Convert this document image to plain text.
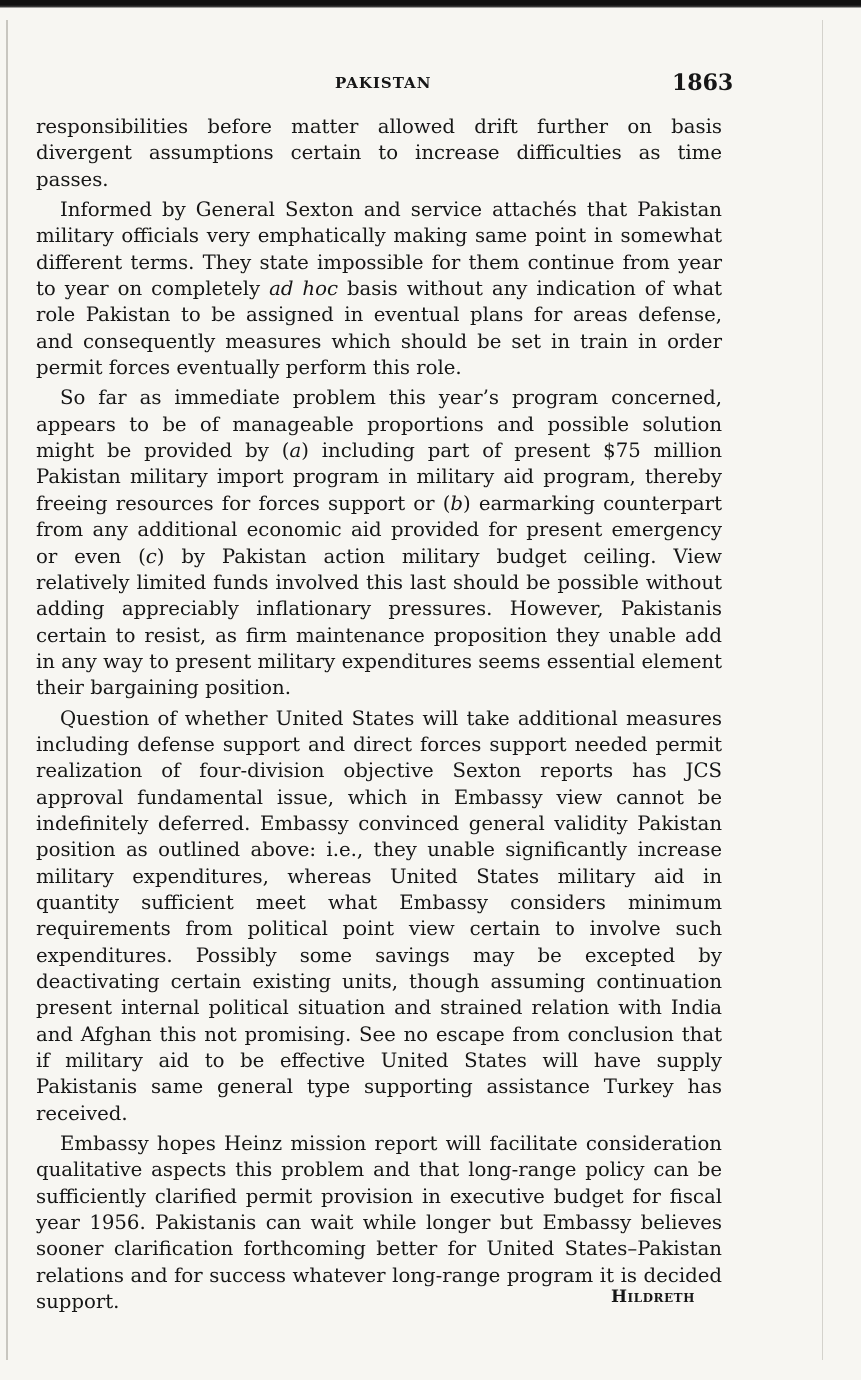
PAKISTAN	1863

responsibilities before matter allowed drift further on basis divergent assumptions certain to increase difficulties as time passes.

Informed by General Sexton and service attachés that Pakistan military officials very emphatically making same point in somewhat different terms. They state impossible for them continue from year to year on completely ad hoc basis without any indication of what role Pakistan to be assigned in eventual plans for areas defense, and consequently measures which should be set in train in order permit forces eventually perform this role.

So far as immediate problem this year’s program concerned, appears to be of manageable proportions and possible solution might be provided by (a) including part of present $75 million Pakistan military import program in military aid program, thereby freeing resources for forces support or (b) earmarking counterpart from any additional economic aid provided for present emergency or even (c) by Pakistan action military budget ceiling. View relatively limited funds involved this last should be possible without adding appreciably inflationary pressures. However, Pakistanis certain to resist, as firm maintenance proposition they unable add in any way to present military expenditures seems essential element their bargaining position.

Question of whether United States will take additional measures including defense support and direct forces support needed permit realization of four-division objective Sexton reports has JCS approval fundamental issue, which in Embassy view cannot be indefinitely deferred. Embassy convinced general validity Pakistan position as outlined above: i.e., they unable significantly increase military expenditures, whereas United States military aid in quantity sufficient meet what Embassy considers minimum requirements from political point view certain to involve such expenditures. Possibly some savings may be excepted by deactivating certain existing units, though assuming continuation present internal political situation and strained relation with India and Afghan this not promising. See no escape from conclusion that if military aid to be effective United States will have supply Pakistanis same general type supporting assistance Turkey has received.

Embassy hopes Heinz mission report will facilitate consideration qualitative aspects this problem and that long-range policy can be sufficiently clarified permit provision in executive budget for fiscal year 1956. Pakistanis can wait while longer but Embassy believes sooner clarification forthcoming better for United States–Pakistan relations and for success whatever long-range program it is decided support.	Hildreth
